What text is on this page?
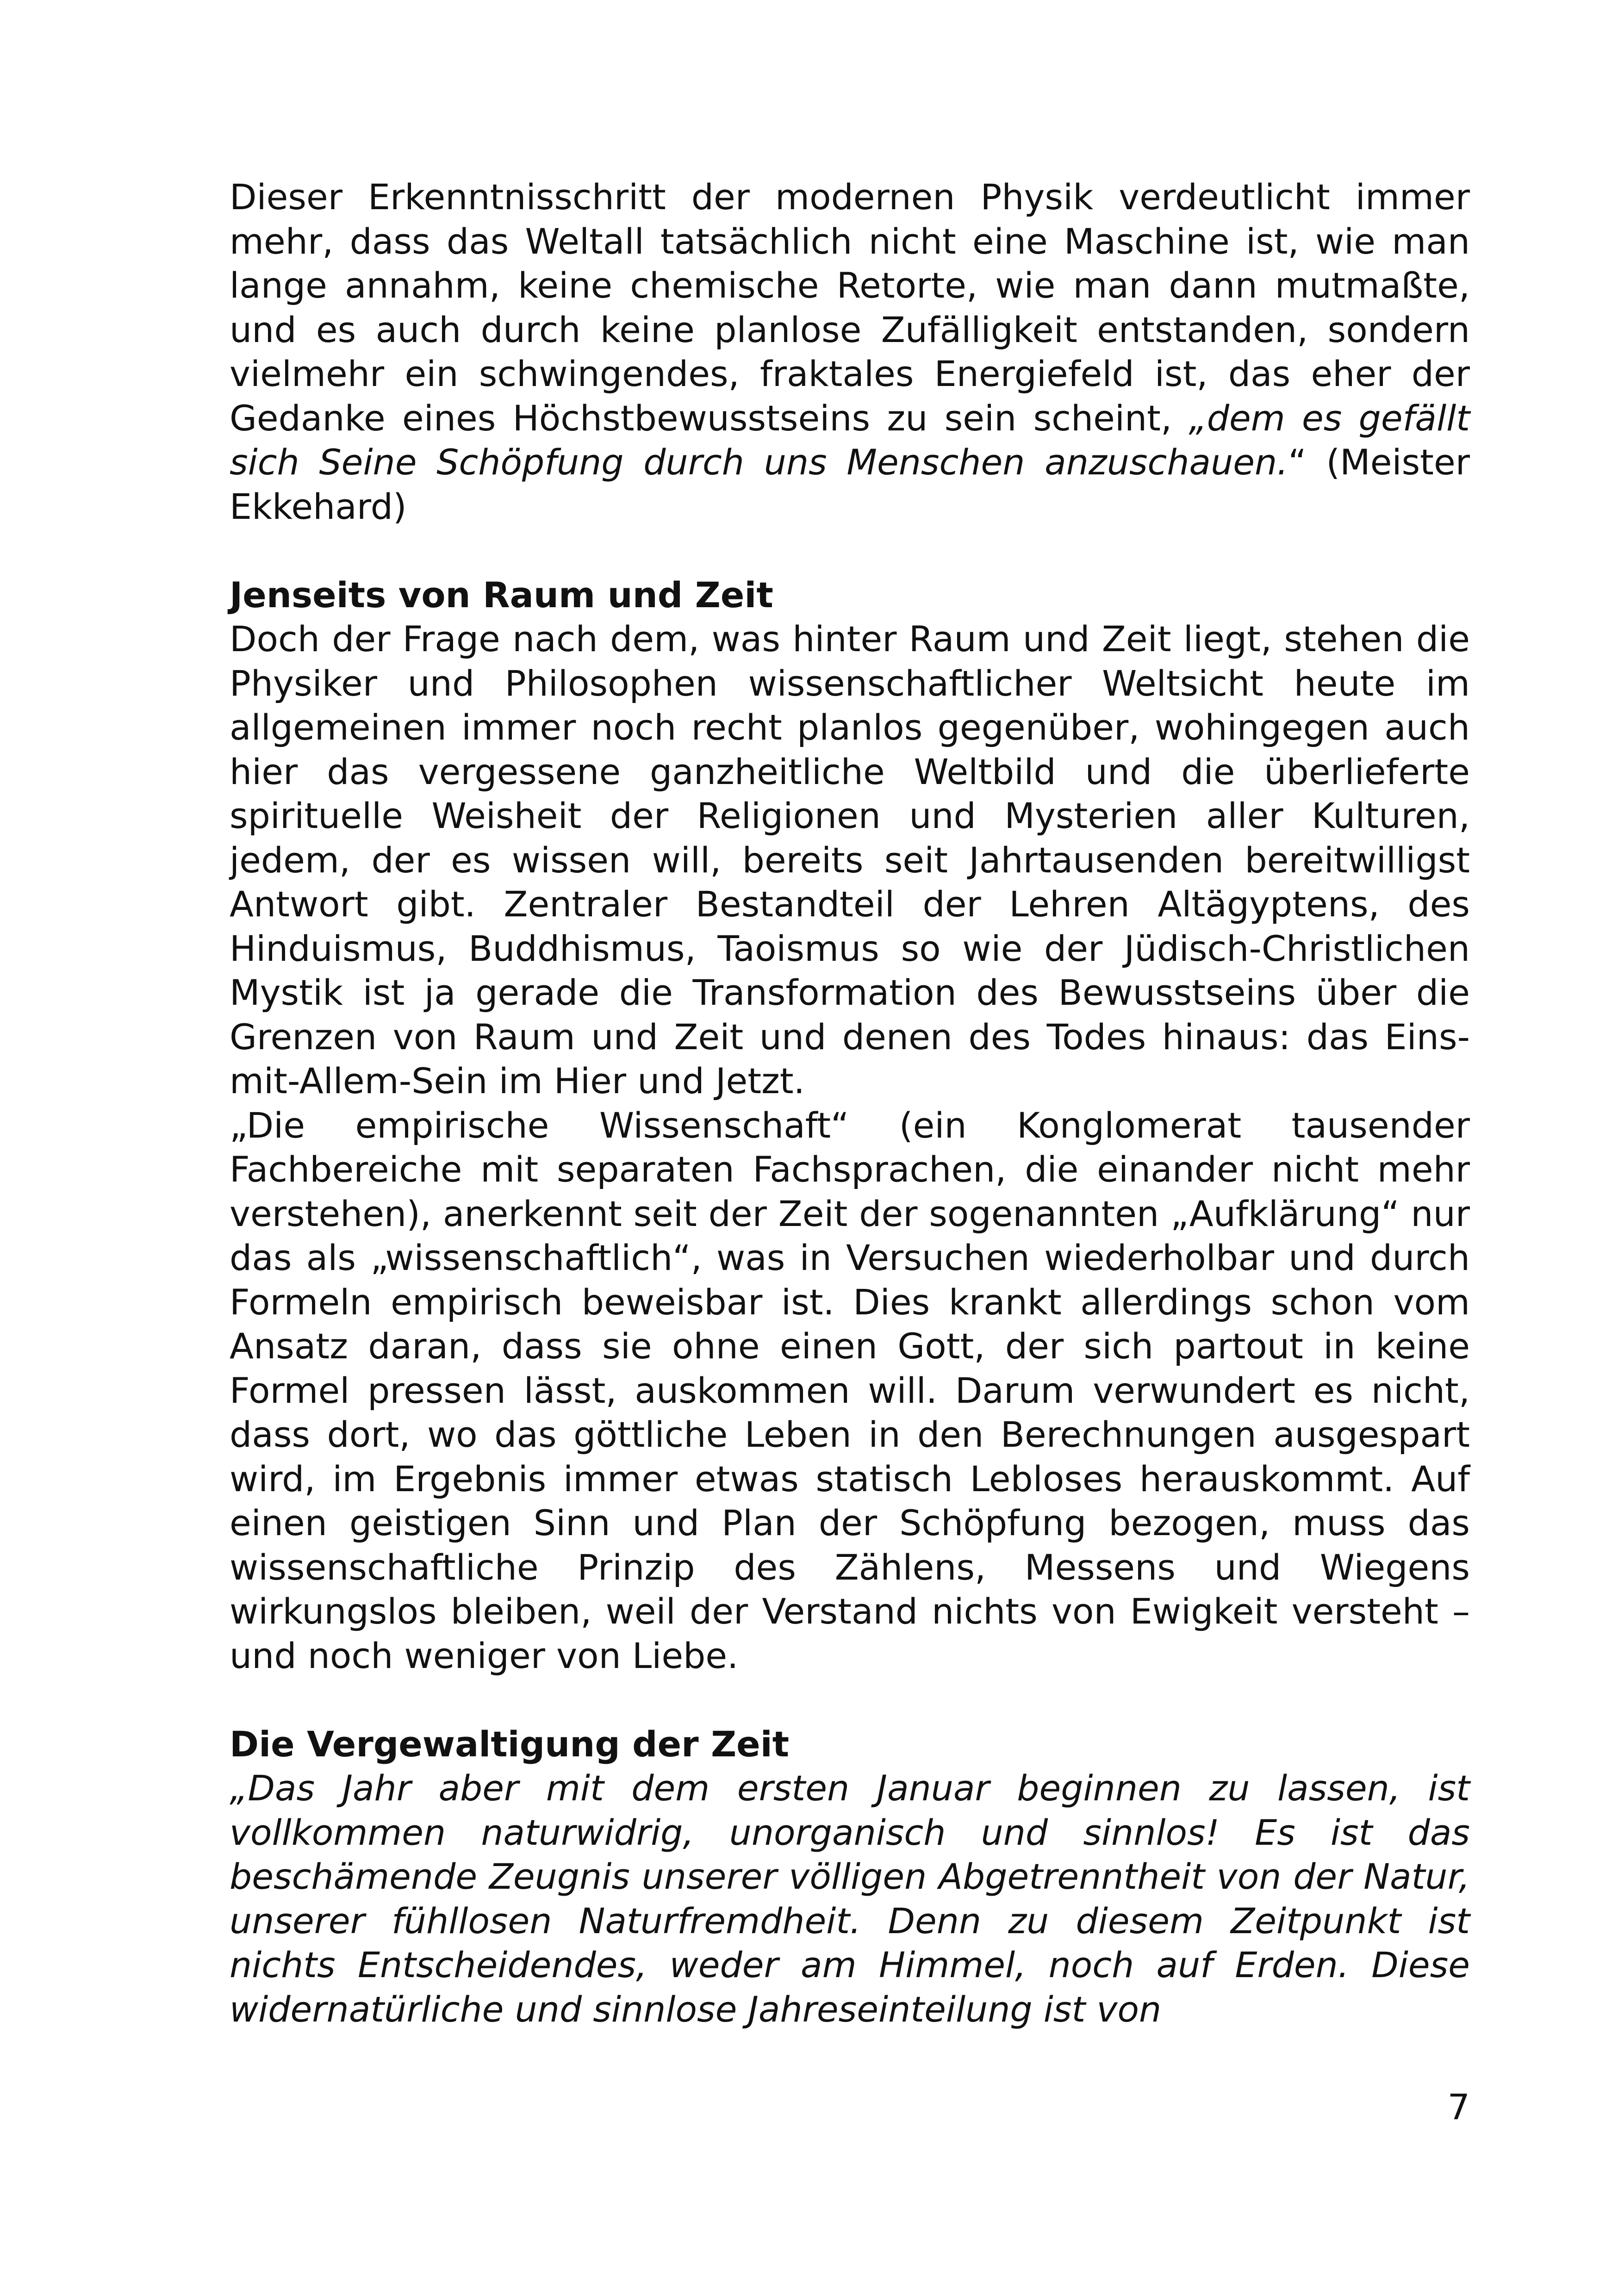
Dieser Erkenntnisschritt der modernen Physik verdeutlicht immer mehr, dass das Weltall tatsächlich nicht eine Maschine ist, wie man lange annahm, keine chemische Retorte, wie man dann mutmaßte, und es auch durch keine planlose Zufälligkeit entstanden, sondern vielmehr ein schwingendes, fraktales Energiefeld ist, das eher der Gedanke eines Höchstbewusstseins zu sein scheint, „dem es gefällt sich Seine Schöpfung durch uns Menschen anzuschauen.“ (Meister Ekkehard)

Jenseits von Raum und Zeit

Doch der Frage nach dem, was hinter Raum und Zeit liegt, stehen die Physiker und Philosophen wissenschaftlicher Weltsicht heute im allgemeinen immer noch recht planlos gegenüber, wohingegen auch hier das vergessene ganzheitliche Weltbild und die überlieferte spirituelle Weisheit der Religionen und Mysterien aller Kulturen, jedem, der es wissen will, bereits seit Jahrtausenden bereitwilligst Antwort gibt. Zentraler Bestandteil der Lehren Altägyptens, des Hinduismus, Buddhismus, Taoismus so wie der Jüdisch-Christlichen Mystik ist ja gerade die Transformation des Bewusstseins über die Grenzen von Raum und Zeit und denen des Todes hinaus: das Eins-mit-Allem-Sein im Hier und Jetzt.

„Die empirische Wissenschaft“ (ein Konglomerat tausender Fachbereiche mit separaten Fachsprachen, die einander nicht mehr verstehen), anerkennt seit der Zeit der sogenannten „Aufklärung“ nur das als „wissenschaftlich“, was in Versuchen wiederholbar und durch Formeln empirisch beweisbar ist. Dies krankt allerdings schon vom Ansatz daran, dass sie ohne einen Gott, der sich partout in keine Formel pressen lässt, auskommen will. Darum verwundert es nicht, dass dort, wo das göttliche Leben in den Berechnungen ausgespart wird, im Ergebnis immer etwas statisch Lebloses herauskommt. Auf einen geistigen Sinn und Plan der Schöpfung bezogen, muss das wissenschaftliche Prinzip des Zählens, Messens und Wiegens wirkungslos bleiben, weil der Verstand nichts von Ewigkeit versteht – und noch weniger von Liebe.

Die Vergewaltigung der Zeit

„Das Jahr aber mit dem ersten Januar beginnen zu lassen, ist vollkommen naturwidrig, unorganisch und sinnlos! Es ist das beschämende Zeugnis unserer völligen Abgetrenntheit von der Natur, unserer fühllosen Naturfremdheit. Denn zu diesem Zeitpunkt ist nichts Entscheidendes, weder am Himmel, noch auf Erden. Diese widernatürliche und sinnlose Jahreseinteilung ist von

7
